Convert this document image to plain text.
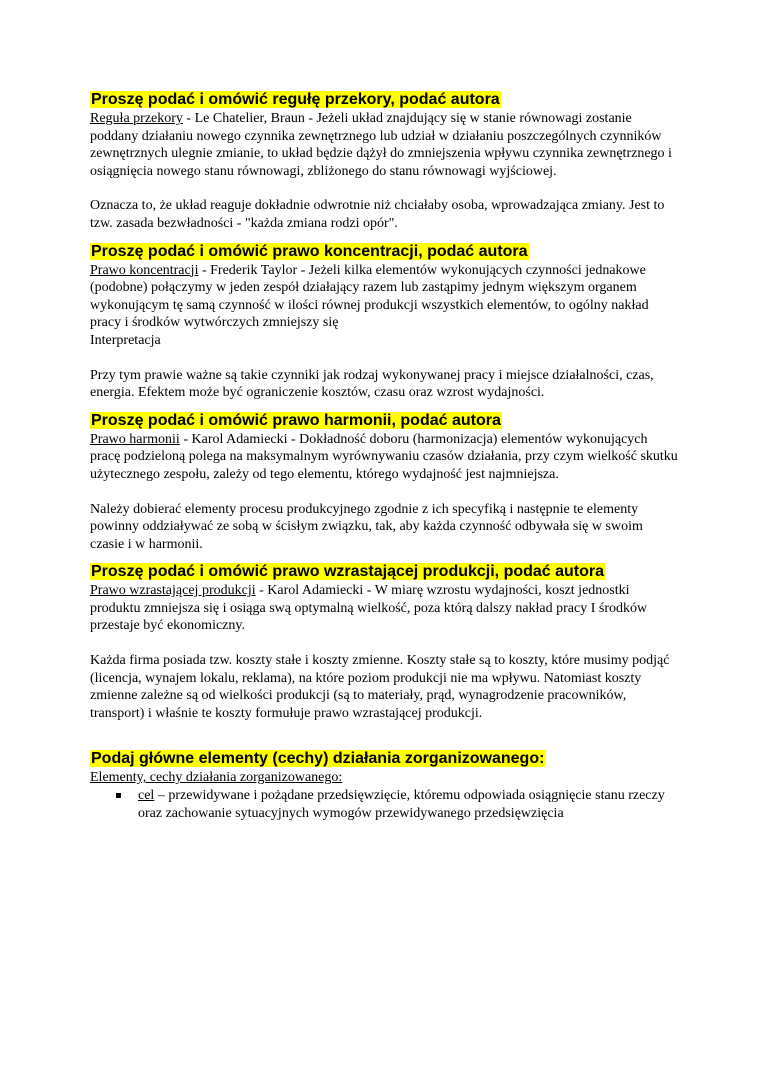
Proszę podać i omówić regułę przekory, podać autora

Reguła przekory - Le Chatelier, Braun - Jeżeli układ znajdujący się w stanie równowagi zostanie poddany działaniu nowego czynnika zewnętrznego lub udział w działaniu poszczególnych czynników zewnętrznych ulegnie zmianie, to układ będzie dążył do zmniejszenia wpływu czynnika zewnętrznego i osiągnięcia nowego stanu równowagi, zbliżonego do stanu równowagi wyjściowej.

Oznacza to, że układ reaguje dokładnie odwrotnie niż chciałaby osoba, wprowadzająca zmiany. Jest to tzw. zasada bezwładności - "każda zmiana rodzi opór".

Proszę podać i omówić prawo koncentracji, podać autora

Prawo koncentracji - Frederik Taylor - Jeżeli kilka elementów wykonujących czynności jednakowe (podobne) połączymy w jeden zespół działający razem lub zastąpimy jednym większym organem wykonującym tę samą czynność w ilości równej produkcji wszystkich elementów, to ogólny nakład pracy i środków wytwórczych zmniejszy się

Interpretacja

Przy tym prawie ważne są takie czynniki jak rodzaj wykonywanej pracy i miejsce działalności, czas, energia. Efektem może być ograniczenie kosztów, czasu oraz wzrost wydajności.

Proszę podać i omówić prawo harmonii, podać autora

Prawo harmonii - Karol Adamiecki - Dokładność doboru (harmonizacja) elementów wykonujących pracę podzieloną polega na maksymalnym wyrównywaniu czasów działania, przy czym wielkość skutku użytecznego zespołu, zależy od tego elementu, którego wydajność jest najmniejsza.

Należy dobierać elementy procesu produkcyjnego zgodnie z ich specyfiką i następnie te elementy powinny oddziaływać ze sobą w ścisłym związku, tak, aby każda czynność odbywała się w swoim czasie i w harmonii.

Proszę podać i omówić prawo wzrastającej produkcji, podać autora

Prawo wzrastającej produkcji - Karol Adamiecki - W miarę wzrostu wydajności, koszt jednostki produktu zmniejsza się i osiąga swą optymalną wielkość, poza którą dalszy nakład pracy I środków przestaje być ekonomiczny.

Każda firma posiada tzw. koszty stałe i koszty zmienne. Koszty stałe są to koszty, które musimy podjąć (licencja, wynajem lokalu, reklama), na które poziom produkcji nie ma wpływu. Natomiast koszty zmienne zależne są od wielkości produkcji (są to materiały, prąd, wynagrodzenie pracowników, transport) i właśnie te koszty formułuje prawo wzrastającej produkcji.

Podaj główne elementy (cechy) działania zorganizowanego:

Elementy, cechy działania zorganizowanego:

cel – przewidywane i pożądane przedsięwzięcie, któremu odpowiada osiągnięcie stanu rzeczy oraz zachowanie sytuacyjnych wymogów przewidywanego przedsięwzięcia
